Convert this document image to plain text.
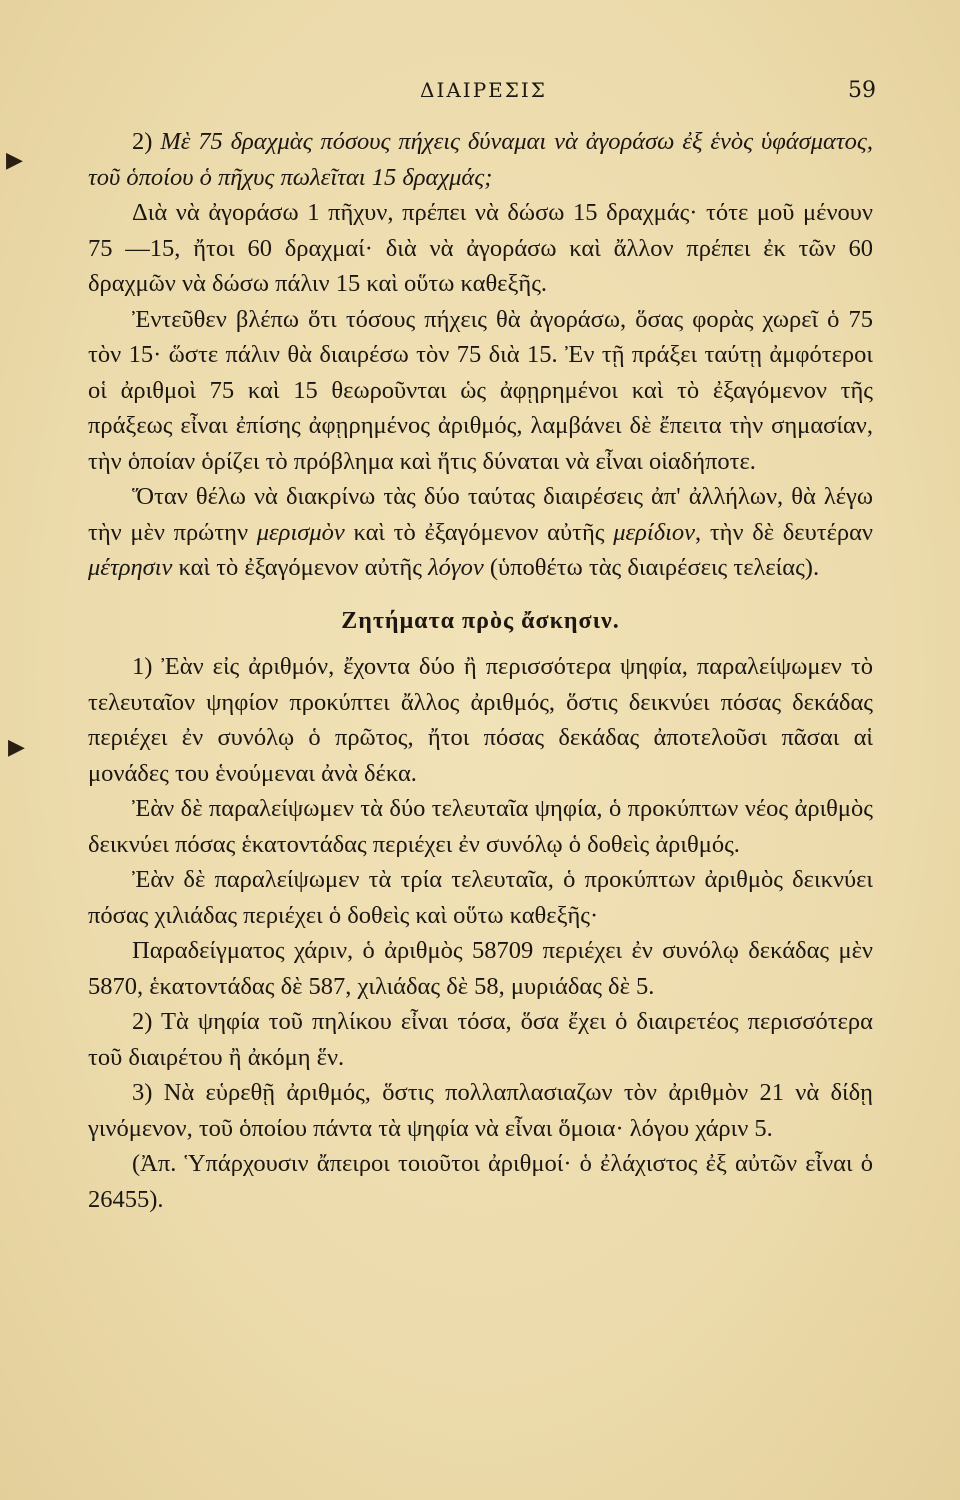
ΔΙΑΙΡΕΣΙΣ	59
▶
▶

2) Μὲ 75 δραχμὰς πόσους πήχεις δύναμαι νὰ ἀγοράσω ἐξ ἑνὸς ὑφάσματος, τοῦ ὁποίου ὁ πῆχυς πωλεῖται 15 δραχμάς;

Διὰ νὰ ἀγοράσω 1 πῆχυν, πρέπει νὰ δώσω 15 δραχμάς· τότε μοῦ μένουν 75 —15, ἤτοι 60 δραχμαί· διὰ νὰ ἀγοράσω καὶ ἄλλον πρέπει ἐκ τῶν 60 δραχμῶν νὰ δώσω πάλιν 15 καὶ οὕτω καθεξῆς.

Ἐντεῦθεν βλέπω ὅτι τόσους πήχεις θὰ ἀγοράσω, ὅσας φορὰς χωρεῖ ὁ 75 τὸν 15· ὥστε πάλιν θὰ διαιρέσω τὸν 75 διὰ 15. Ἐν τῇ πράξει ταύτῃ ἀμφότεροι οἱ ἀριθμοὶ 75 καὶ 15 θεωροῦνται ὡς ἀφῃρημένοι καὶ τὸ ἐξαγόμενον τῆς πράξεως εἶναι ἐπίσης ἀφῃρημένος ἀριθμός, λαμβάνει δὲ ἔπειτα τὴν σημασίαν, τὴν ὁποίαν ὁρίζει τὸ πρόβλημα καὶ ἥτις δύναται νὰ εἶναι οἱαδήποτε.

Ὅταν θέλω νὰ διακρίνω τὰς δύο ταύτας διαιρέσεις ἀπ' ἀλλήλων, θὰ λέγω τὴν μὲν πρώτην μερισμὸν καὶ τὸ ἐξαγόμενον αὐτῆς μερίδιον, τὴν δὲ δευτέραν μέτρησιν καὶ τὸ ἐξαγόμενον αὐτῆς λόγον (ὑποθέτω τὰς διαιρέσεις τελείας).

Ζητήματα πρὸς ἄσκησιν.

1) Ἐὰν εἰς ἀριθμόν, ἔχοντα δύο ἢ περισσότερα ψηφία, παραλείψωμεν τὸ τελευταῖον ψηφίον προκύπτει ἄλλος ἀριθμός, ὅστις δεικνύει πόσας δεκάδας περιέχει ἐν συνόλῳ ὁ πρῶτος, ἤτοι πόσας δεκάδας ἀποτελοῦσι πᾶσαι αἱ μονάδες του ἑνούμεναι ἀνὰ δέκα.

Ἐὰν δὲ παραλείψωμεν τὰ δύο τελευταῖα ψηφία, ὁ προκύπτων νέος ἀριθμὸς δεικνύει πόσας ἑκατοντάδας περιέχει ἐν συνόλῳ ὁ δοθεὶς ἀριθμός.

Ἐὰν δὲ παραλείψωμεν τὰ τρία τελευταῖα, ὁ προκύπτων ἀριθμὸς δεικνύει πόσας χιλιάδας περιέχει ὁ δοθεὶς καὶ οὕτω καθεξῆς·

Παραδείγματος χάριν, ὁ ἀριθμὸς 58709 περιέχει ἐν συνόλῳ δεκάδας μὲν 5870, ἑκατοντάδας δὲ 587, χιλιάδας δὲ 58, μυριάδας δὲ 5.

2) Τὰ ψηφία τοῦ πηλίκου εἶναι τόσα, ὅσα ἔχει ὁ διαιρετέος περισσότερα τοῦ διαιρέτου ἢ ἀκόμη ἕν.

3) Νὰ εὑρεθῇ ἀριθμός, ὅστις πολλαπλασιαζων τὸν ἀριθμὸν 21 νὰ δίδῃ γινόμενον, τοῦ ὁποίου πάντα τὰ ψηφία νὰ εἶναι ὅμοια· λόγου χάριν 5.

(Ἀπ. Ὑπάρχουσιν ἄπειροι τοιοῦτοι ἀριθμοί· ὁ ἐλάχιστος ἐξ αὐτῶν εἶναι ὁ 26455).
